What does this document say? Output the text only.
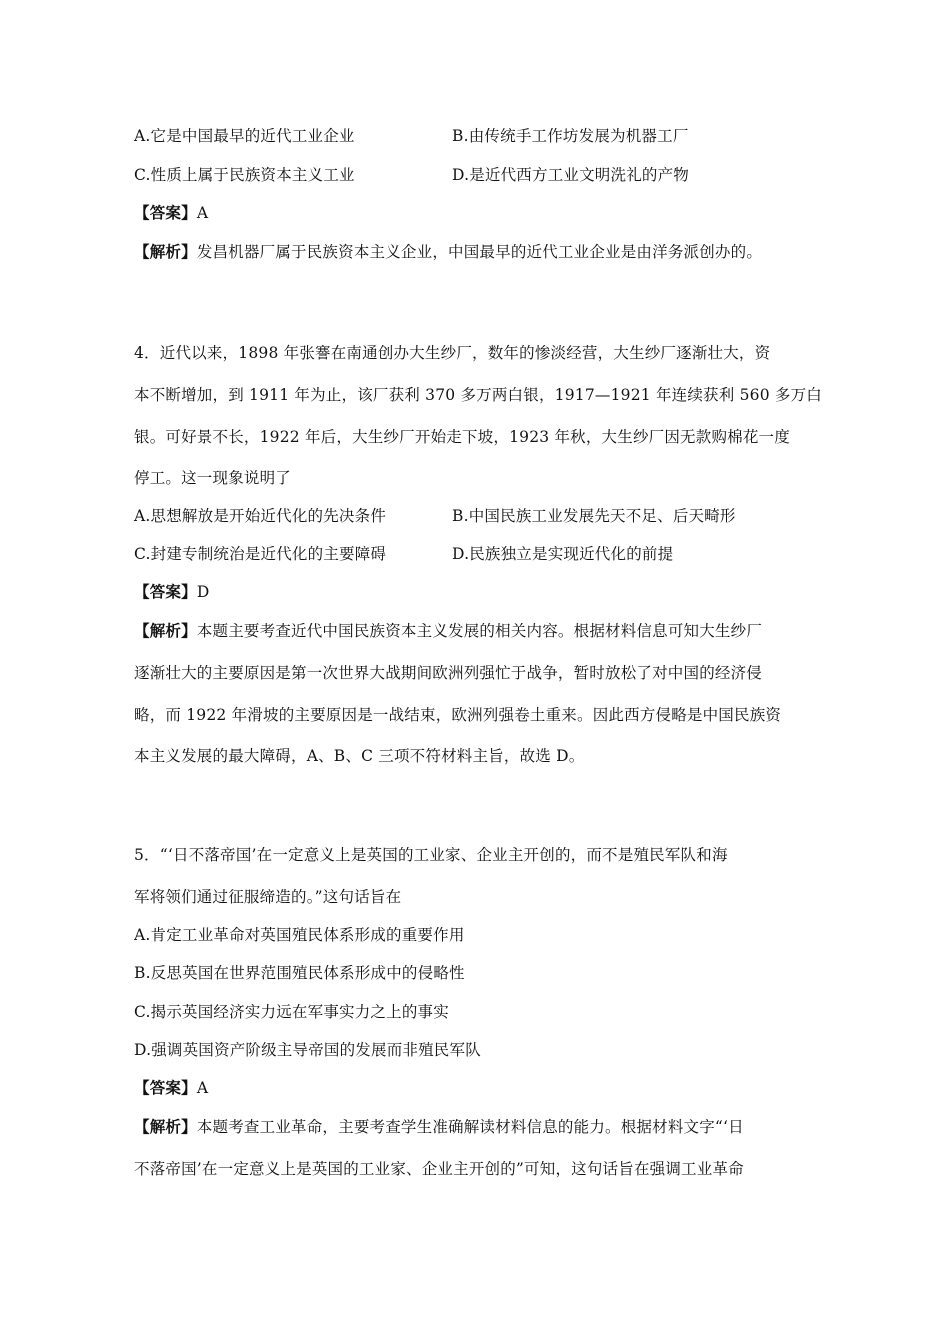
A.它是中国最早的近代工业企业	B.由传统手工作坊发展为机器工厂
C.性质上属于民族资本主义工业	D.是近代西方工业文明洗礼的产物
【答案】A
【解析】发昌机器厂属于民族资本主义企业，中国最早的近代工业企业是由洋务派创办的。
4．近代以来，1898 年张謇在南通创办大生纱厂，数年的惨淡经营，大生纱厂逐渐壮大，资
本不断增加，到 1911 年为止，该厂获利 370 多万两白银，1917—1921 年连续获利 560 多万白
银。可好景不长，1922 年后，大生纱厂开始走下坡，1923 年秋，大生纱厂因无款购棉花一度
停工。这一现象说明了
A.思想解放是开始近代化的先决条件	B.中国民族工业发展先天不足、后天畸形
C.封建专制统治是近代化的主要障碍	D.民族独立是实现近代化的前提
【答案】D
【解析】本题主要考查近代中国民族资本主义发展的相关内容。根据材料信息可知大生纱厂
逐渐壮大的主要原因是第一次世界大战期间欧洲列强忙于战争，暂时放松了对中国的经济侵
略，而 1922 年滑坡的主要原因是一战结束，欧洲列强卷土重来。因此西方侵略是中国民族资
本主义发展的最大障碍，A、B、C 三项不符材料主旨，故选 D。
5．“‘日不落帝国’在一定意义上是英国的工业家、企业主开创的，而不是殖民军队和海
军将领们通过征服缔造的。”这句话旨在
A.肯定工业革命对英国殖民体系形成的重要作用
B.反思英国在世界范围殖民体系形成中的侵略性
C.揭示英国经济实力远在军事实力之上的事实
D.强调英国资产阶级主导帝国的发展而非殖民军队
【答案】A
【解析】本题考查工业革命，主要考查学生准确解读材料信息的能力。根据材料文字“‘日
不落帝国’在一定意义上是英国的工业家、企业主开创的”可知，这句话旨在强调工业革命
